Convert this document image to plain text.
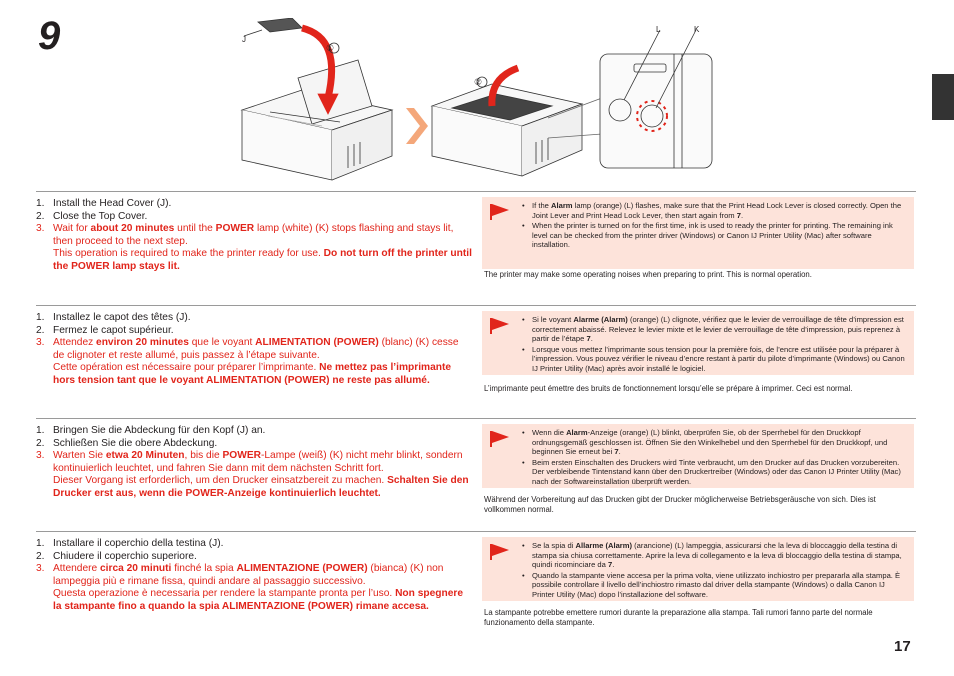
9
17
J
①
②
L	K
1. Install the Head Cover (J).
2. Close the Top Cover.
3. Wait for about 20 minutes until the POWER lamp (white) (K) stops flashing and stays lit, then proceed to the next step.
This operation is required to make the printer ready for use. Do not turn off the printer until the POWER lamp stays lit.
• If the Alarm lamp (orange) (L) flashes, make sure that the Print Head Lock Lever is closed correctly. Open the Joint Lever and Print Head Lock Lever, then start again from 7.
• When the printer is turned on for the first time, ink is used to ready the printer for printing. The remaining ink level can be checked from the printer driver (Windows) or Canon IJ Printer Utility (Mac) after software installation.
The printer may make some operating noises when preparing to print. This is normal operation.
1. Installez le capot des têtes (J).
2. Fermez le capot supérieur.
3. Attendez environ 20 minutes que le voyant ALIMENTATION (POWER) (blanc) (K) cesse de clignoter et reste allumé, puis passez à l’étape suivante.
Cette opération est nécessaire pour préparer l’imprimante. Ne mettez pas l’imprimante hors tension tant que le voyant ALIMENTATION (POWER) ne reste pas allumé.
• Si le voyant Alarme (Alarm) (orange) (L) clignote, vérifiez que le levier de verrouillage de tête d’impression est correctement abaissé. Relevez le levier mixte et le levier de verrouillage de tête d’impression, puis reprenez à partir de l’étape 7.
• Lorsque vous mettez l’imprimante sous tension pour la première fois, de l’encre est utilisée pour la préparer à l’impression. Vous pouvez vérifier le niveau d’encre restant à partir du pilote d’imprimante (Windows) ou Canon IJ Printer Utility (Mac) après avoir installé le logiciel.
L’imprimante peut émettre des bruits de fonctionnement lorsqu’elle se prépare à imprimer. Ceci est normal.
1. Bringen Sie die Abdeckung für den Kopf (J) an.
2. Schließen Sie die obere Abdeckung.
3. Warten Sie etwa 20 Minuten, bis die POWER-Lampe (weiß) (K) nicht mehr blinkt, sondern kontinuierlich leuchtet, und fahren Sie dann mit dem nächsten Schritt fort.
Dieser Vorgang ist erforderlich, um den Drucker einsatzbereit zu machen. Schalten Sie den Drucker erst aus, wenn die POWER-Anzeige kontinuierlich leuchtet.
• Wenn die Alarm-Anzeige (orange) (L) blinkt, überprüfen Sie, ob der Sperrhebel für den Druckkopf ordnungsgemäß geschlossen ist. Öffnen Sie den Winkelhebel und den Sperrhebel für den Druckkopf, und beginnen Sie erneut bei 7.
• Beim ersten Einschalten des Druckers wird Tinte verbraucht, um den Drucker auf das Drucken vorzubereiten. Der verbleibende Tintenstand kann über den Druckertreiber (Windows) oder das Canon IJ Printer Utility (Mac) nach der Softwareinstallation überprüft werden.
Während der Vorbereitung auf das Drucken gibt der Drucker möglicherweise Betriebsgeräusche von sich. Dies ist vollkommen normal.
1. Installare il coperchio della testina (J).
2. Chiudere il coperchio superiore.
3. Attendere circa 20 minuti finché la spia ALIMENTAZIONE (POWER) (bianca) (K) non lampeggia più e rimane fissa, quindi andare al passaggio successivo.
Questa operazione è necessaria per rendere la stampante pronta per l’uso. Non spegnere la stampante fino a quando la spia ALIMENTAZIONE (POWER) rimane accesa.
• Se la spia di Allarme (Alarm) (arancione) (L) lampeggia, assicurarsi che la leva di bloccaggio della testina di stampa sia chiusa correttamente. Aprire la leva di collegamento e la leva di bloccaggio della testina di stampa, quindi ricominciare da 7.
• Quando la stampante viene accesa per la prima volta, viene utilizzato inchiostro per prepararla alla stampa. È possibile controllare il livello dell’inchiostro rimasto dal driver della stampante (Windows) o dalla Canon IJ Printer Utility (Mac) dopo l’installazione del software.
La stampante potrebbe emettere rumori durante la preparazione alla stampa. Tali rumori fanno parte del normale funzionamento della stampante.
